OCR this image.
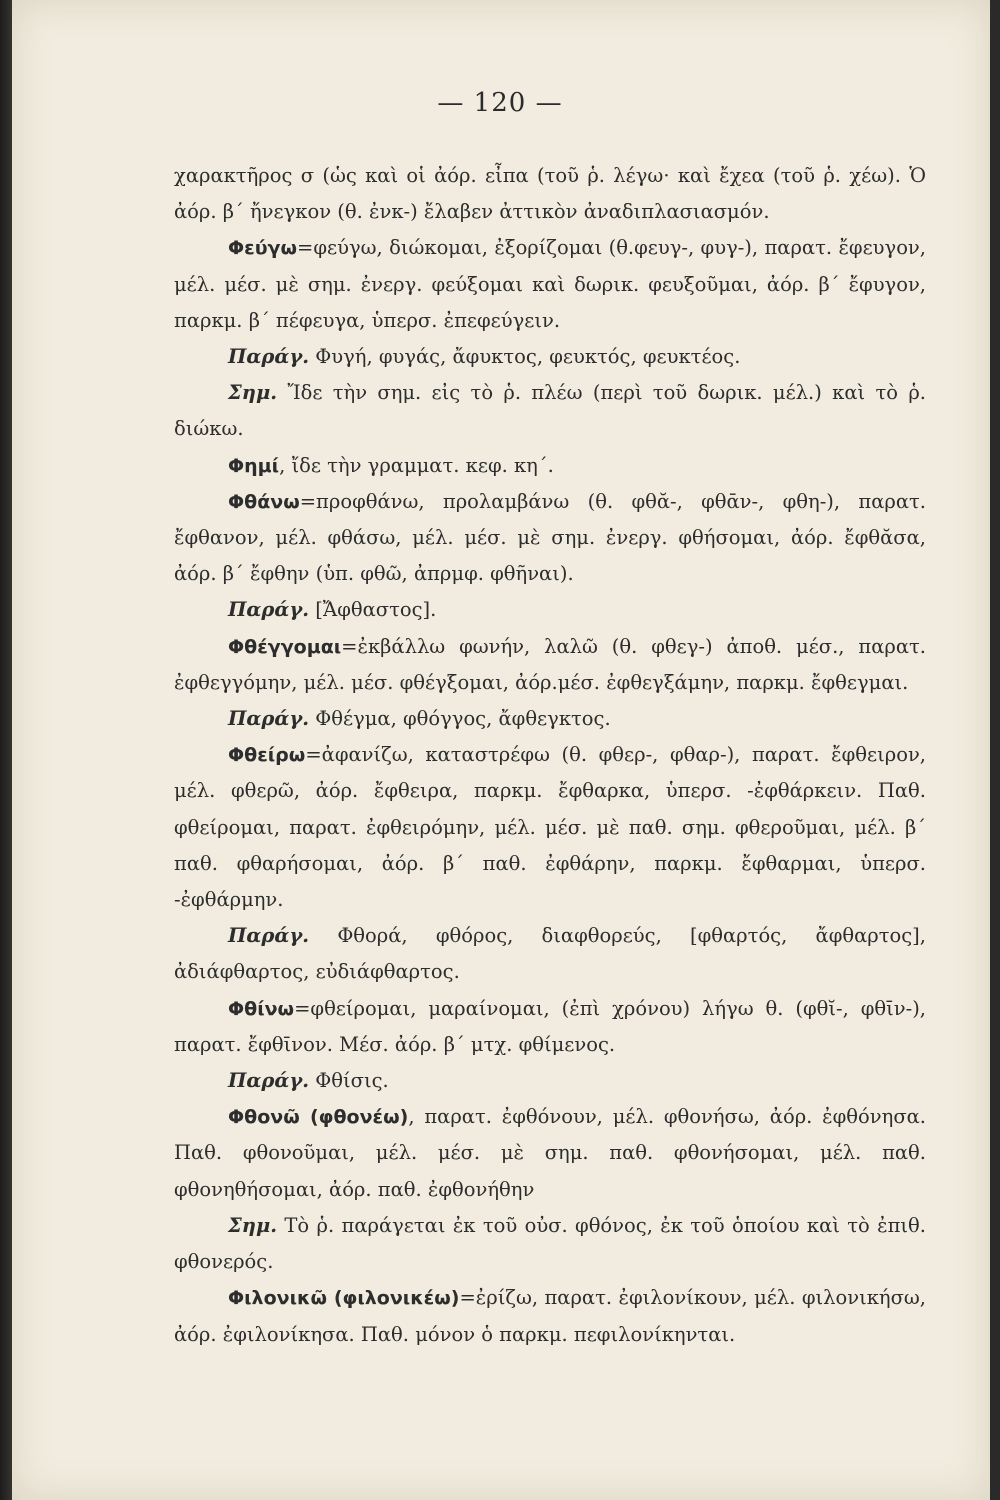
— 120 —

χαρακτῆρος σ (ὡς καὶ οἱ ἀόρ. εἶπα (τοῦ ῥ. λέγω· καὶ ἔχεα (τοῦ ῥ. χέω). Ὁ ἀόρ. β΄ ἤνεγκον (θ. ἐνκ-) ἔλαβεν ἀττικὸν ἀναδιπλασιασμόν.

Φεύγω=φεύγω, διώκομαι, ἐξορίζομαι (θ.φευγ-, φυγ-), παρατ. ἔφευγον, μέλ. μέσ. μὲ σημ. ἐνεργ. φεύξομαι καὶ δωρικ. φευξοῦμαι, ἀόρ. β΄ ἔφυγον, παρκμ. β΄ πέφευγα, ὑπερσ. ἐπεφεύγειν.

Παράγ. Φυγή, φυγάς, ἄφυκτος, φευκτός, φευκτέος.

Σημ. Ἴδε τὴν σημ. εἰς τὸ ῥ. πλέω (περὶ τοῦ δωρικ. μέλ.) καὶ τὸ ῥ. διώκω.

Φημί, ἴδε τὴν γραμματ. κεφ. κη΄.

Φθάνω=προφθάνω, προλαμβάνω (θ. φθᾰ-, φθᾱν-, φθη-), παρατ. ἔφθανον, μέλ. φθάσω, μέλ. μέσ. μὲ σημ. ἐνεργ. φθήσομαι, ἀόρ. ἔφθᾰσα, ἀόρ. β΄ ἔφθην (ὑπ. φθῶ, ἀπρμφ. φθῆναι).

Παράγ. [Ἄφθαστος].

Φθέγγομαι=ἐκβάλλω φωνήν, λαλῶ (θ. φθεγ-) ἀποθ. μέσ., παρατ. ἐφθεγγόμην, μέλ. μέσ. φθέγξομαι, ἀόρ.μέσ. ἐφθεγξάμην, παρκμ. ἔφθεγμαι.

Παράγ. Φθέγμα, φθόγγος, ἄφθεγκτος.

Φθείρω=ἀφανίζω, καταστρέφω (θ. φθερ-, φθαρ-), παρατ. ἔφθειρον, μέλ. φθερῶ, ἀόρ. ἔφθειρα, παρκμ. ἔφθαρκα, ὑπερσ. -ἐφθάρκειν. Παθ. φθείρομαι, παρατ. ἐφθειρόμην, μέλ. μέσ. μὲ παθ. σημ. φθεροῦμαι, μέλ. β΄ παθ. φθαρήσομαι, ἀόρ. β΄ παθ. ἐφθάρην, παρκμ. ἔφθαρμαι, ὑπερσ. -ἐφθάρμην.

Παράγ. Φθορά, φθόρος, διαφθορεύς, [φθαρτός, ἄφθαρτος], ἀδιάφθαρτος, εὐδιάφθαρτος.

Φθίνω=φθείρομαι, μαραίνομαι, (ἐπὶ χρόνου) λήγω θ. (φθῐ-, φθῑν-), παρατ. ἔφθῑνον. Μέσ. ἀόρ. β΄ μτχ. φθίμενος.

Παράγ. Φθίσις.

Φθονῶ (φθονέω), παρατ. ἐφθόνουν, μέλ. φθονήσω, ἀόρ. ἐφθόνησα. Παθ. φθονοῦμαι, μέλ. μέσ. μὲ σημ. παθ. φθονήσομαι, μέλ. παθ. φθονηθήσομαι, ἀόρ. παθ. ἐφθονήθην

Σημ. Τὸ ῥ. παράγεται ἐκ τοῦ οὐσ. φθόνος, ἐκ τοῦ ὁποίου καὶ τὸ ἐπιθ. φθονερός.

Φιλονικῶ (φιλονικέω)=ἐρίζω, παρατ. ἐφιλονίκουν, μέλ. φιλονικήσω, ἀόρ. ἐφιλονίκησα. Παθ. μόνον ὁ παρκμ. πεφιλονίκηνται.
